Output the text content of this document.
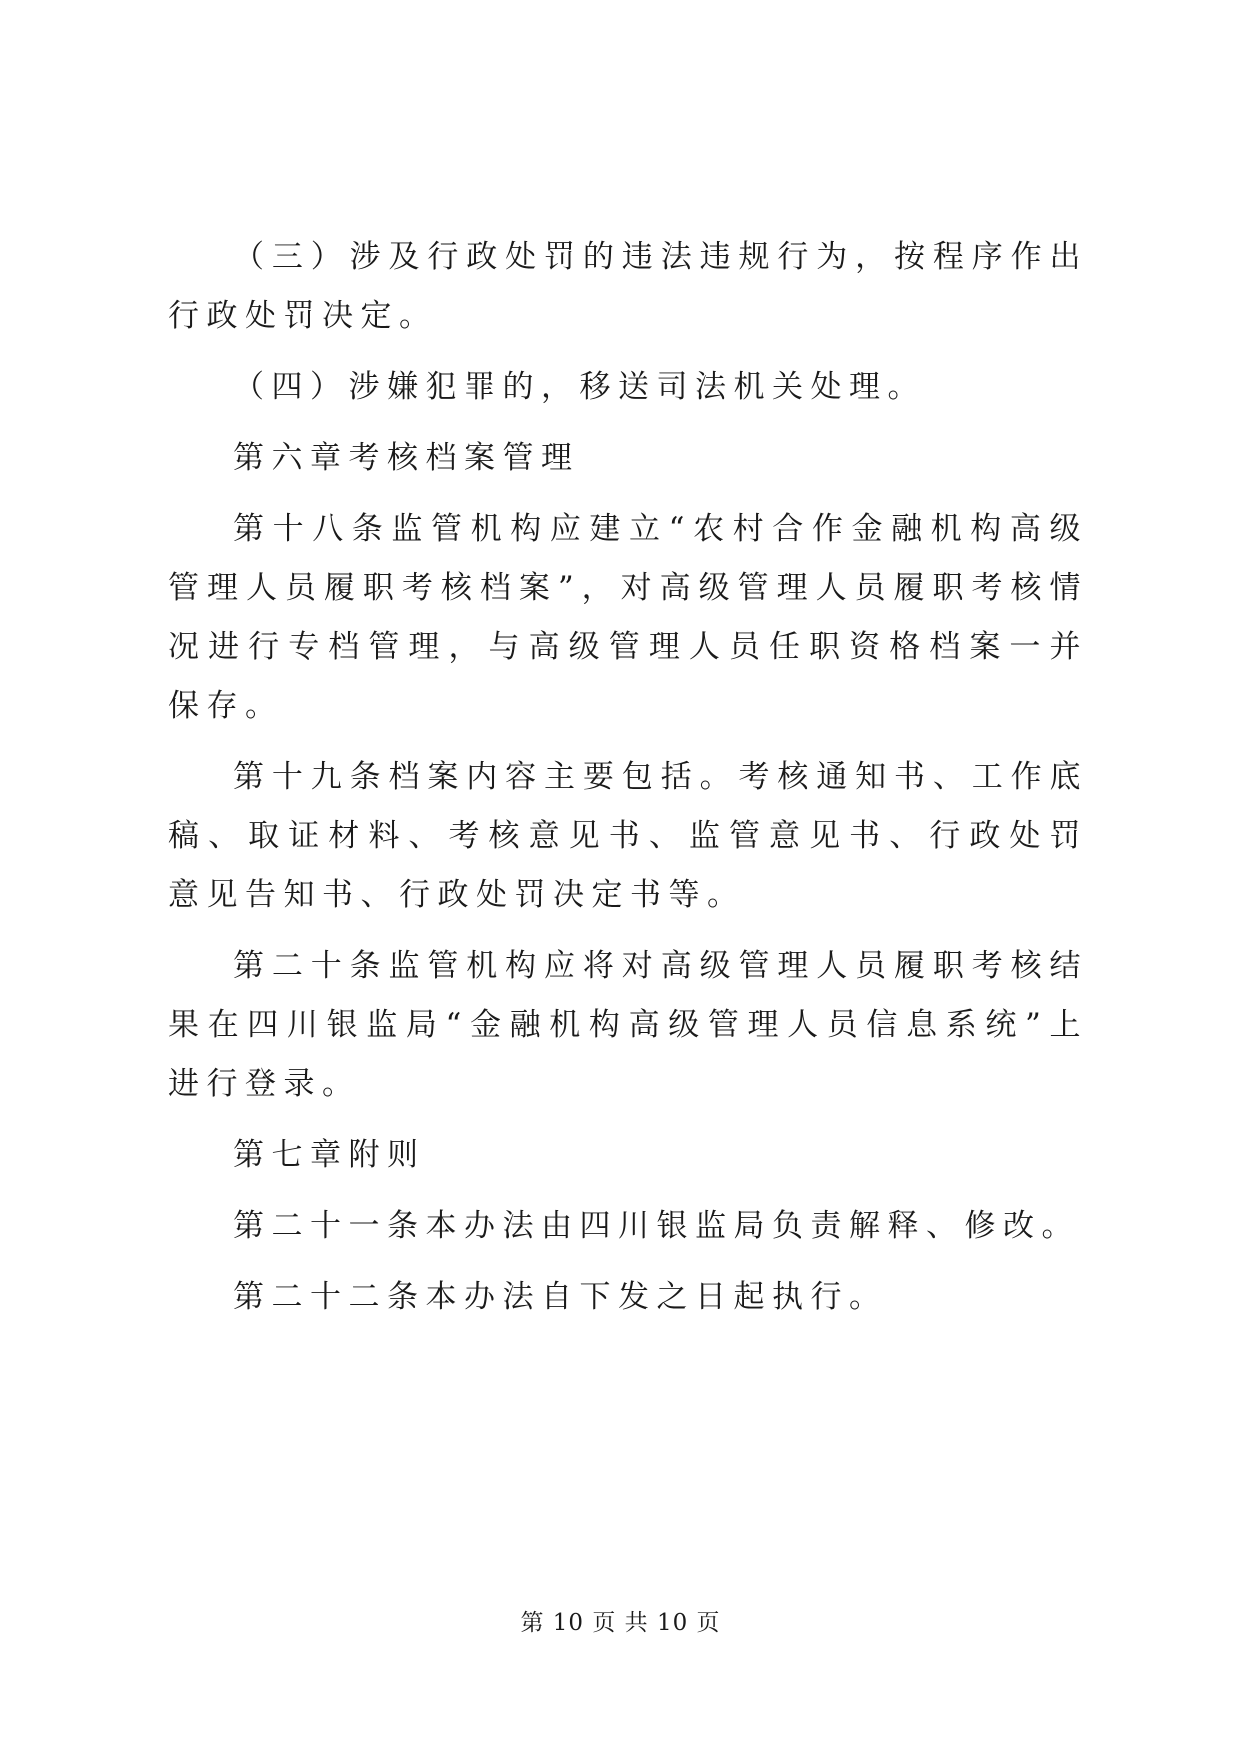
（三）涉及行政处罚的违法违规行为，按程序作出行政处罚决定。

（四）涉嫌犯罪的，移送司法机关处理。

第六章考核档案管理

第十八条监管机构应建立“农村合作金融机构高级管理人员履职考核档案”，对高级管理人员履职考核情况进行专档管理，与高级管理人员任职资格档案一并保存。

第十九条档案内容主要包括。考核通知书、工作底稿、取证材料、考核意见书、监管意见书、行政处罚意见告知书、行政处罚决定书等。

第二十条监管机构应将对高级管理人员履职考核结果在四川银监局“金融机构高级管理人员信息系统”上进行登录。

第七章附则

第二十一条本办法由四川银监局负责解释、修改。

第二十二条本办法自下发之日起执行。

第 10 页 共 10 页
